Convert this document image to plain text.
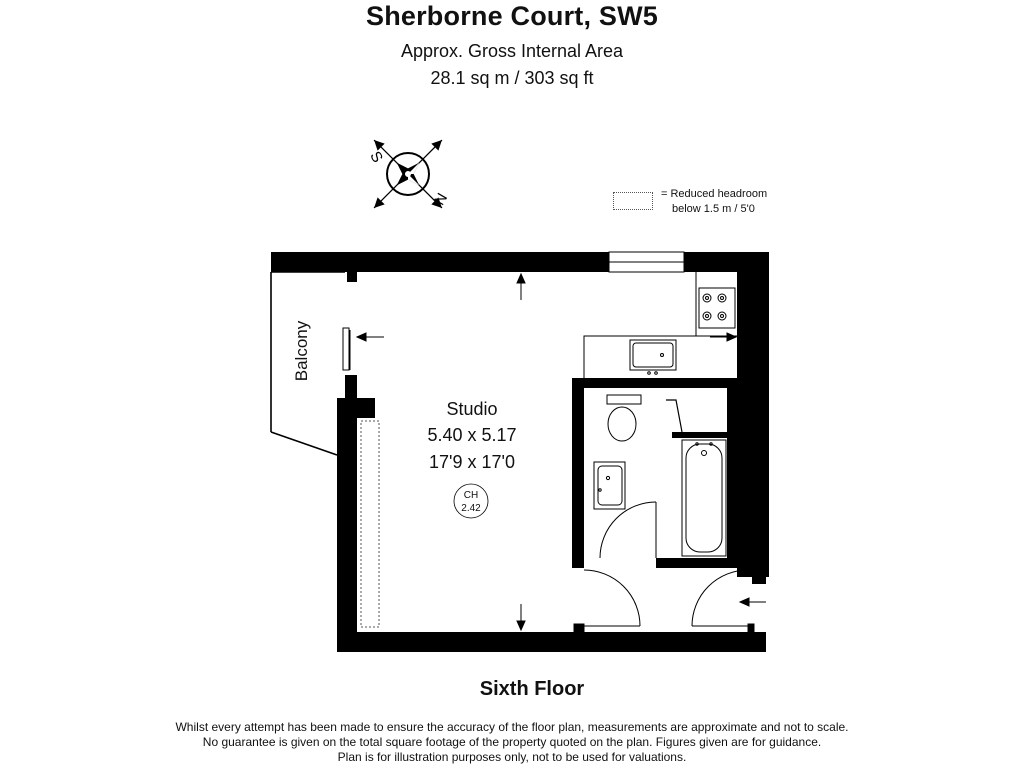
Sherborne Court, SW5
Approx. Gross Internal Area
28.1 sq m / 303 sq ft
S
N	= Reduced headroom
below 1.5 m / 5'0
Studio
5.40 x 5.17
17'9 x 17'0
CH
2.42
Balcony
Sixth Floor
Whilst every attempt has been made to ensure the accuracy of the floor plan, measurements are approximate and not to scale.
No guarantee is given on the total square footage of the property quoted on the plan. Figures given are for guidance.
Plan is for illustration purposes only, not to be used for valuations.
